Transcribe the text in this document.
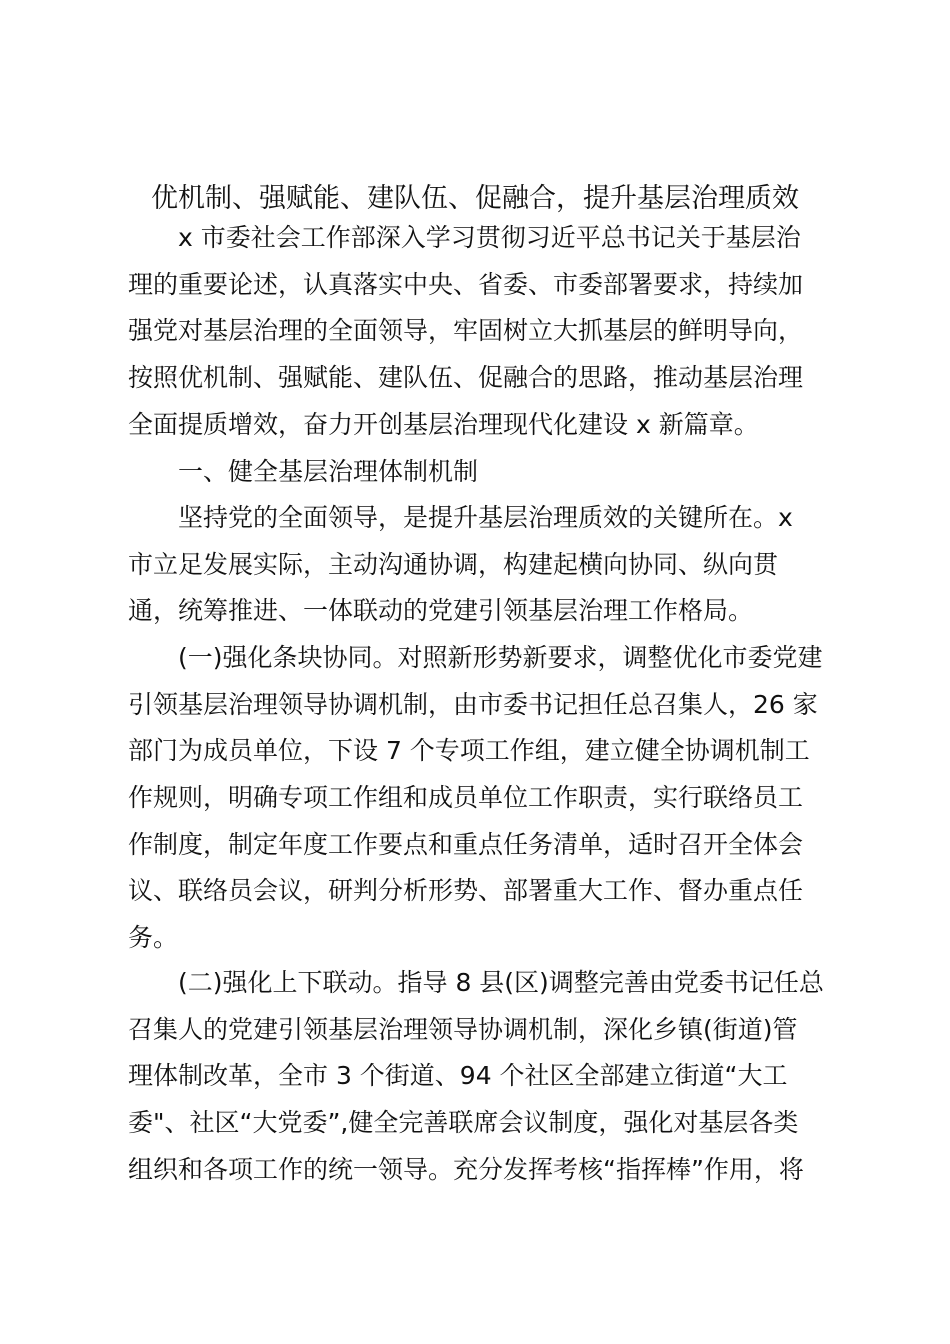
优机制、强赋能、建队伍、促融合，提升基层治理质效

x 市委社会工作部深入学习贯彻习近平总书记关于基层治

理的重要论述，认真落实中央、省委、市委部署要求，持续加

强党对基层治理的全面领导，牢固树立大抓基层的鲜明导向，

按照优机制、强赋能、建队伍、促融合的思路，推动基层治理

全面提质增效，奋力开创基层治理现代化建设 x 新篇章。

一、健全基层治理体制机制

坚持党的全面领导，是提升基层治理质效的关键所在。x

市立足发展实际，主动沟通协调，构建起横向协同、纵向贯

通，统筹推进、一体联动的党建引领基层治理工作格局。

(一)强化条块协同。对照新形势新要求，调整优化市委党建

引领基层治理领导协调机制，由市委书记担任总召集人，26 家

部门为成员单位，下设 7 个专项工作组，建立健全协调机制工

作规则，明确专项工作组和成员单位工作职责，实行联络员工

作制度，制定年度工作要点和重点任务清单，适时召开全体会

议、联络员会议，研判分析形势、部署重大工作、督办重点任

务。

(二)强化上下联动。指导 8 县(区)调整完善由党委书记任总

召集人的党建引领基层治理领导协调机制，深化乡镇(街道)管

理体制改革，全市 3 个街道、94 个社区全部建立街道“大工

委"、社区“大党委”,健全完善联席会议制度，强化对基层各类

组织和各项工作的统一领导。充分发挥考核“指挥棒”作用，将
